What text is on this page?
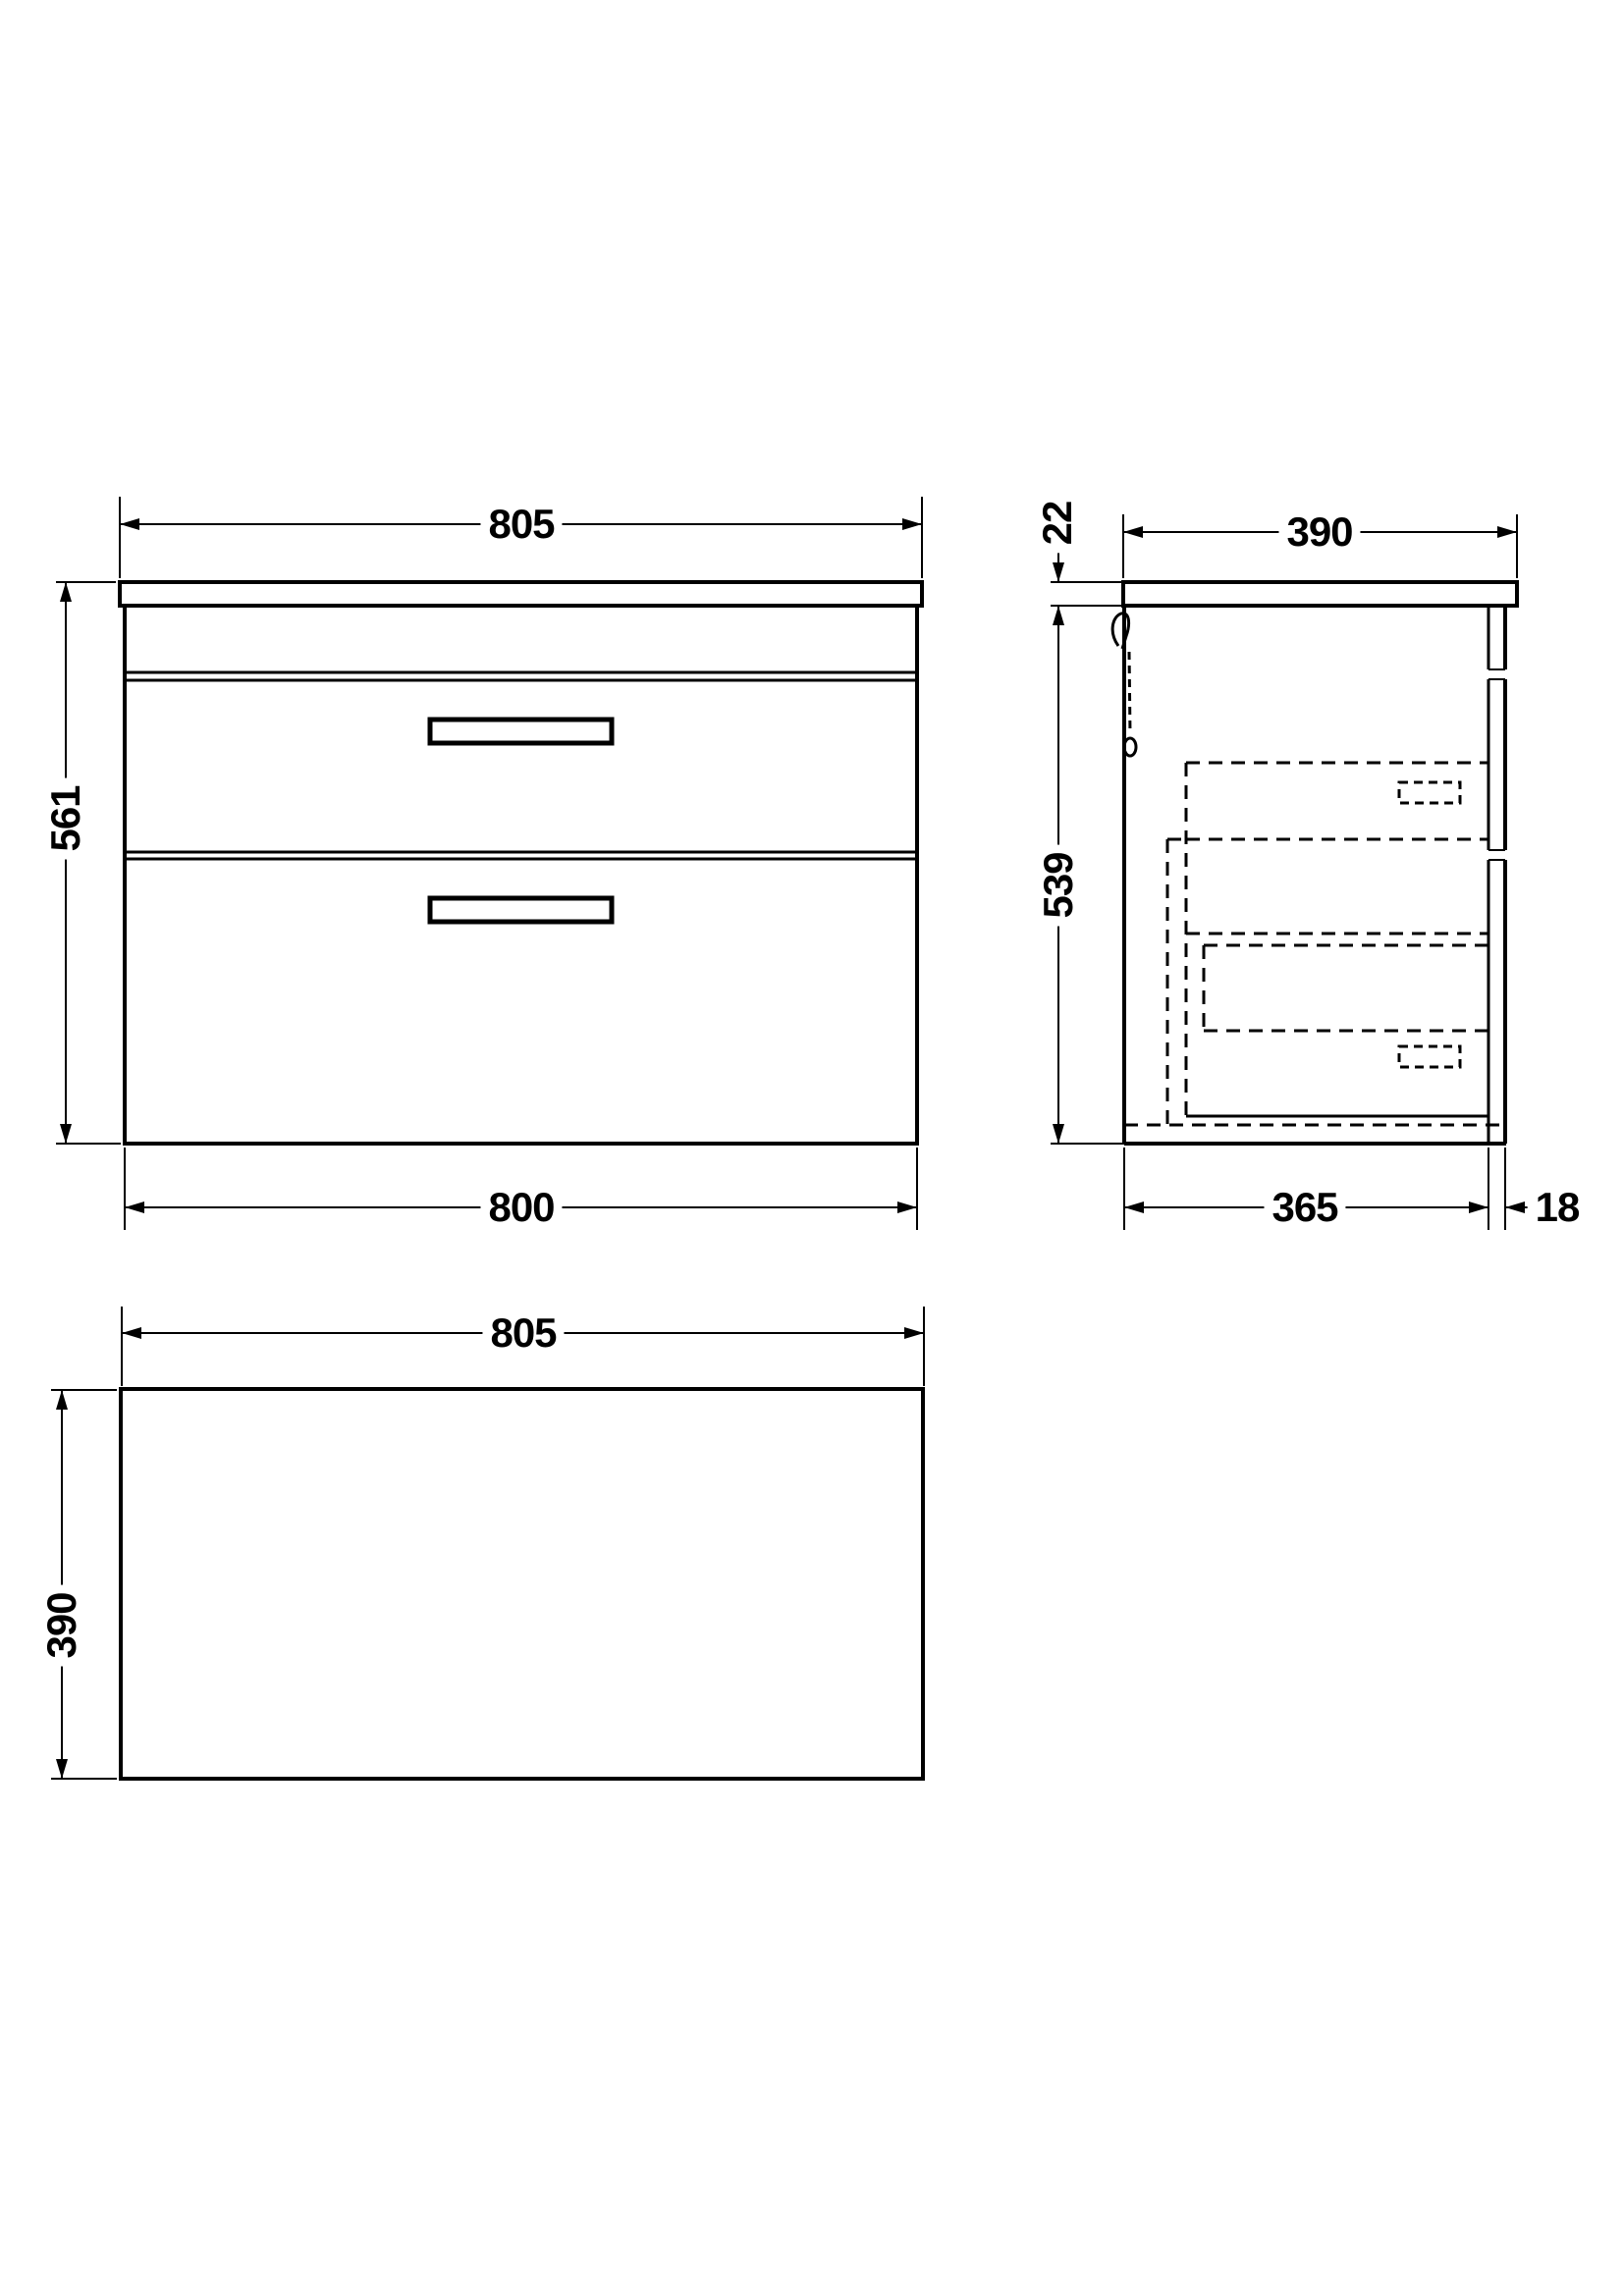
805
561
800
390
22
539
365	18
805
390
